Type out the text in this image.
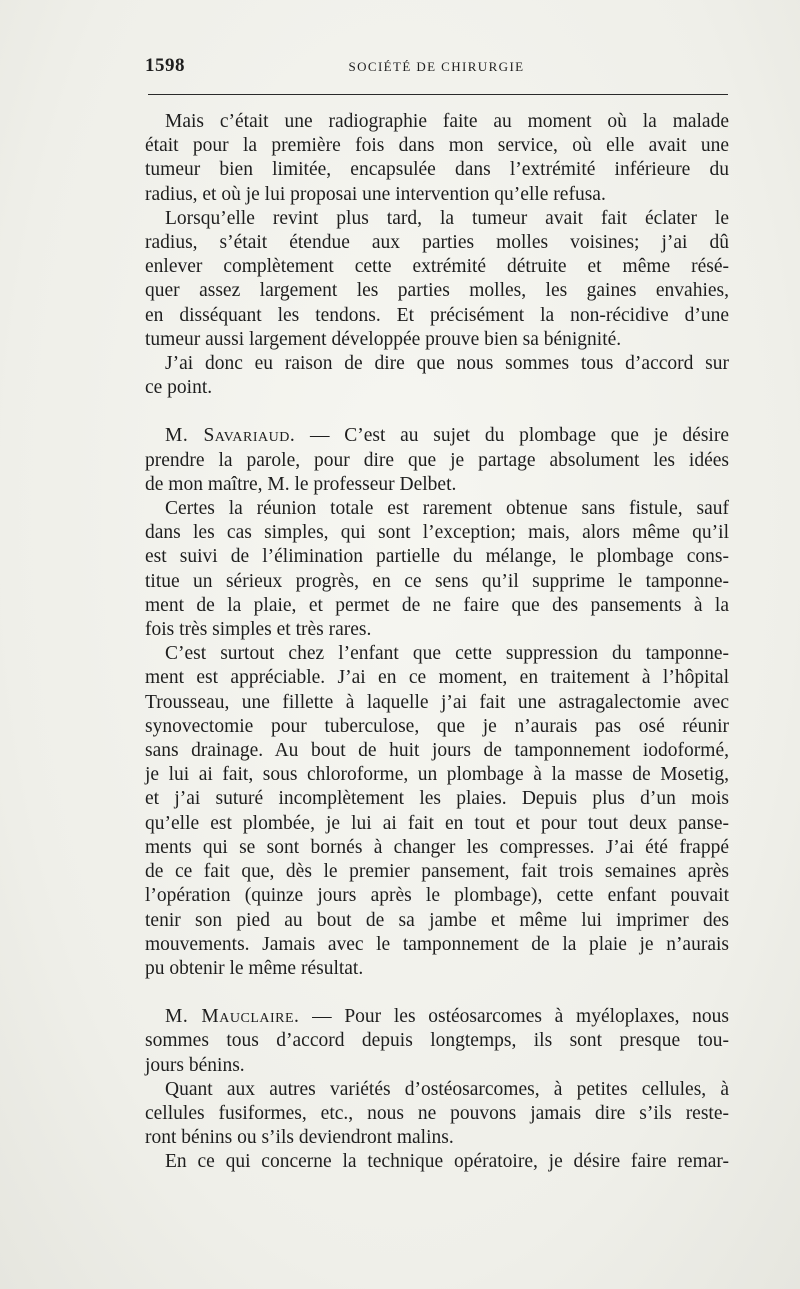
1598	SOCIÉTÉ DE CHIRURGIE

Mais c’était une radiographie faite au moment où la malade

était pour la première fois dans mon service, où elle avait une

tumeur bien limitée, encapsulée dans l’extrémité inférieure du

radius, et où je lui proposai une intervention qu’elle refusa.

Lorsqu’elle revint plus tard, la tumeur avait fait éclater le

radius, s’était étendue aux parties molles voisines; j’ai dû

enlever complètement cette extrémité détruite et même résé-

quer assez largement les parties molles, les gaines envahies,

en disséquant les tendons. Et précisément la non-récidive d’une

tumeur aussi largement développée prouve bien sa bénignité.

J’ai donc eu raison de dire que nous sommes tous d’accord sur

ce point.

M. Savariaud. — C’est au sujet du plombage que je désire

prendre la parole, pour dire que je partage absolument les idées

de mon maître, M. le professeur Delbet.

Certes la réunion totale est rarement obtenue sans fistule, sauf

dans les cas simples, qui sont l’exception; mais, alors même qu’il

est suivi de l’élimination partielle du mélange, le plombage cons-

titue un sérieux progrès, en ce sens qu’il supprime le tamponne-

ment de la plaie, et permet de ne faire que des pansements à la

fois très simples et très rares.

C’est surtout chez l’enfant que cette suppression du tamponne-

ment est appréciable. J’ai en ce moment, en traitement à l’hôpital

Trousseau, une fillette à laquelle j’ai fait une astragalectomie avec

synovectomie pour tuberculose, que je n’aurais pas osé réunir

sans drainage. Au bout de huit jours de tamponnement iodoformé,

je lui ai fait, sous chloroforme, un plombage à la masse de Mosetig,

et j’ai suturé incomplètement les plaies. Depuis plus d’un mois

qu’elle est plombée, je lui ai fait en tout et pour tout deux panse-

ments qui se sont bornés à changer les compresses. J’ai été frappé

de ce fait que, dès le premier pansement, fait trois semaines après

l’opération (quinze jours après le plombage), cette enfant pouvait

tenir son pied au bout de sa jambe et même lui imprimer des

mouvements. Jamais avec le tamponnement de la plaie je n’aurais

pu obtenir le même résultat.

M. Mauclaire. — Pour les ostéosarcomes à myéloplaxes, nous

sommes tous d’accord depuis longtemps, ils sont presque tou-

jours bénins.

Quant aux autres variétés d’ostéosarcomes, à petites cellules, à

cellules fusiformes, etc., nous ne pouvons jamais dire s’ils reste-

ront bénins ou s’ils deviendront malins.

En ce qui concerne la technique opératoire, je désire faire remar-
